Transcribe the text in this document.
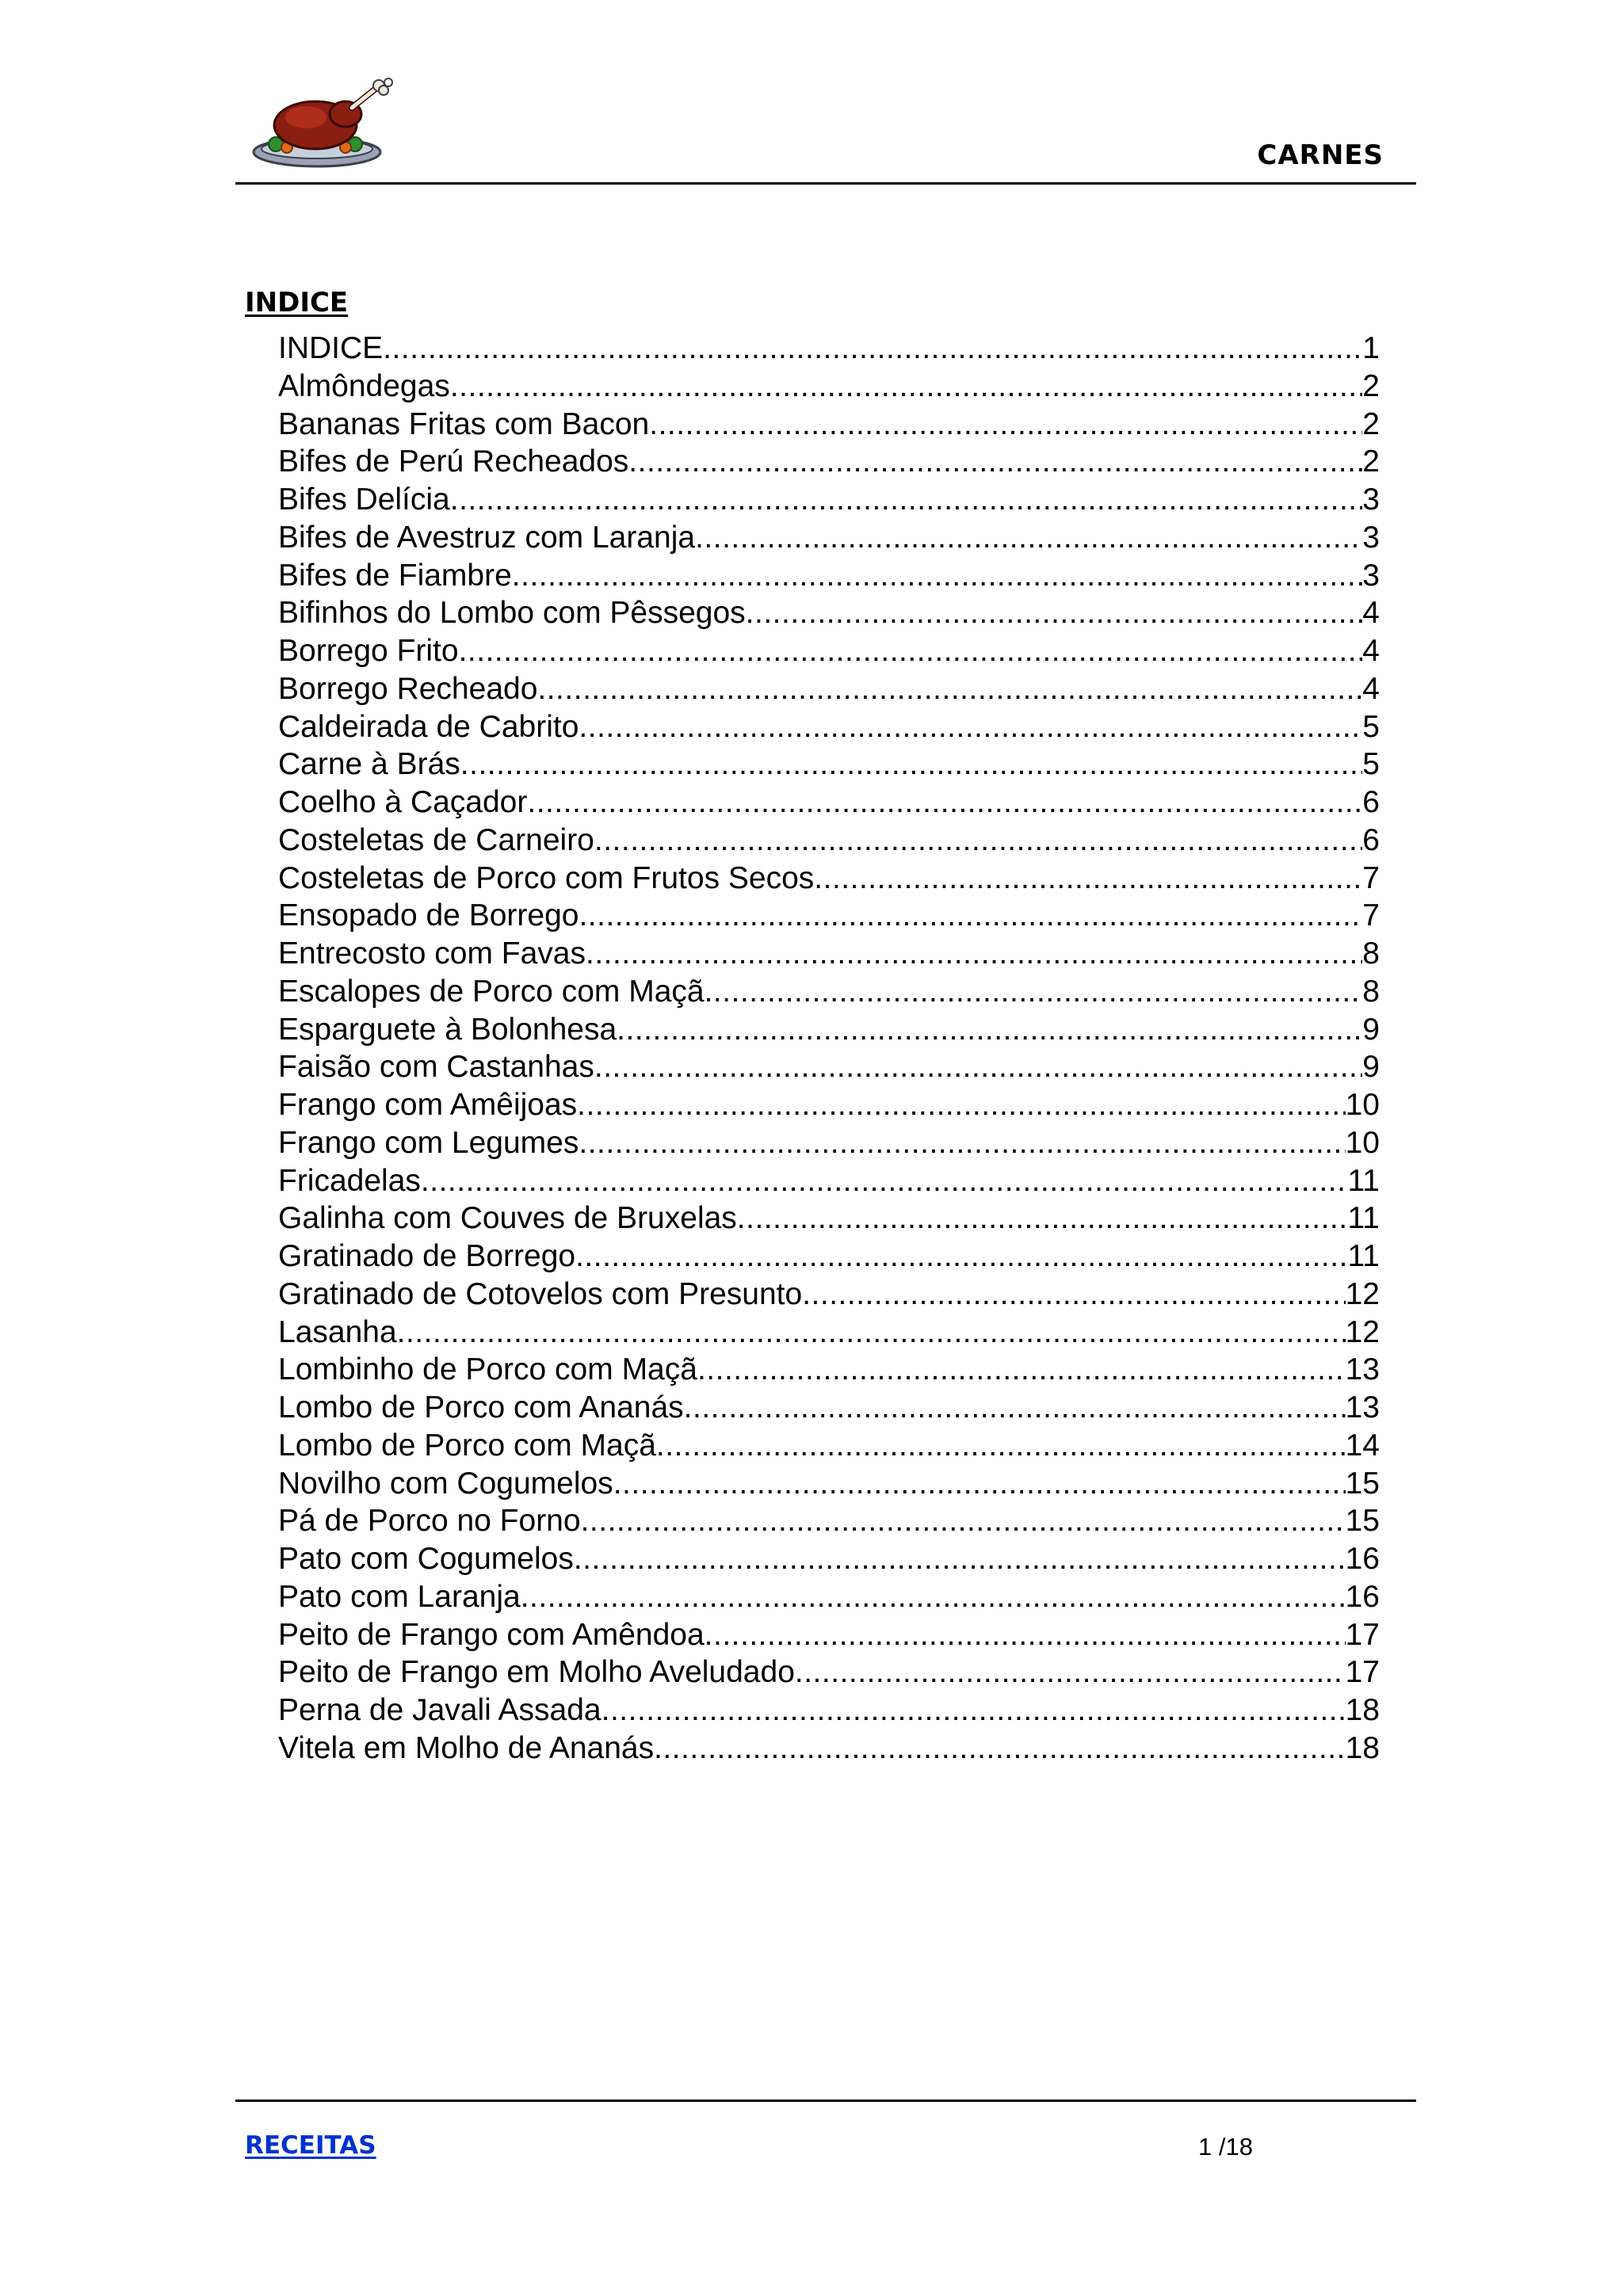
CARNES
INDICE
INDICE .....	1
Almôndegas .....	2
Bananas Fritas com Bacon .....	2
Bifes de Perú Recheados .....	2
Bifes Delícia .....	3
Bifes de Avestruz com Laranja .....	3
Bifes de Fiambre .....	3
Bifinhos do Lombo com Pêssegos .....	4
Borrego Frito .....	4
Borrego Recheado .....	4
Caldeirada de Cabrito .....	5
Carne à Brás .....	5
Coelho à Caçador .....	6
Costeletas de Carneiro .....	6
Costeletas de Porco com Frutos Secos .....	7
Ensopado de Borrego .....	7
Entrecosto com Favas .....	8
Escalopes de Porco com Maçã .....	8
Esparguete à Bolonhesa .....	9
Faisão com Castanhas .....	9
Frango com Amêijoas .....	10
Frango com Legumes .....	10
Fricadelas .....	11
Galinha com Couves de Bruxelas .....	11
Gratinado de Borrego .....	11
Gratinado de Cotovelos com Presunto .....	12
Lasanha .....	12
Lombinho de Porco com Maçã .....	13
Lombo de Porco com Ananás .....	13
Lombo de Porco com Maçã .....	14
Novilho com Cogumelos .....	15
Pá de Porco no Forno .....	15
Pato com Cogumelos .....	16
Pato com Laranja .....	16
Peito de Frango com Amêndoa .....	17
Peito de Frango em Molho Aveludado .....	17
Perna de Javali Assada .....	18
Vitela em Molho de Ananás .....	18
RECEITAS	1 /18
